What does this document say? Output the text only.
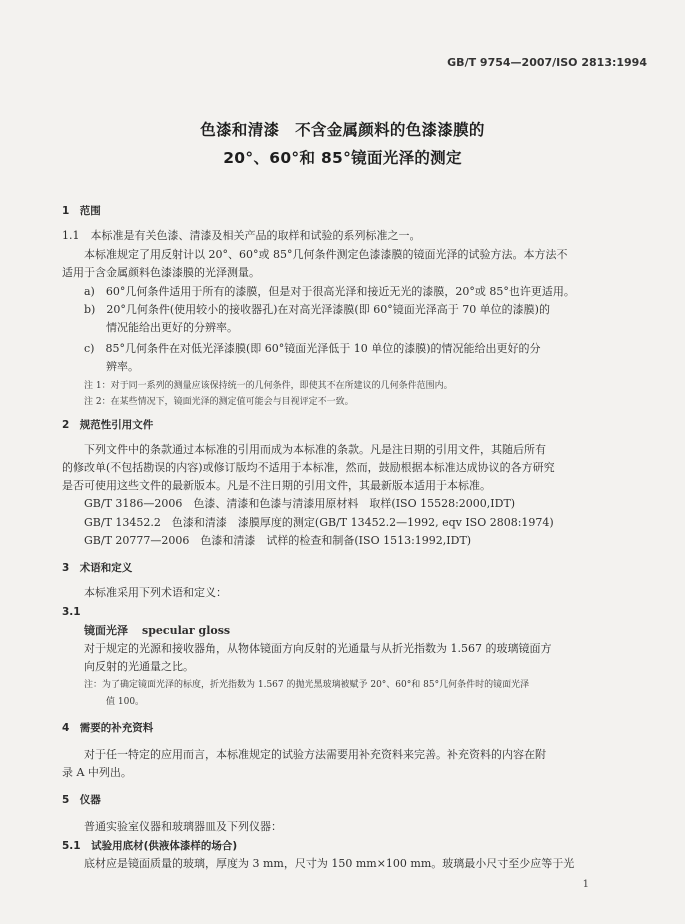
GB/T 9754—2007/ISO 2813:1994
色漆和清漆　不含金属颜料的色漆漆膜的
20°、60°和 85°镜面光泽的测定
1　范围
1.1　本标准是有关色漆、清漆及相关产品的取样和试验的系列标准之一。
本标准规定了用反射计以 20°、60°或 85°几何条件测定色漆漆膜的镜面光泽的试验方法。本方法不
适用于含金属颜料色漆漆膜的光泽测量。
a)　60°几何条件适用于所有的漆膜，但是对于很高光泽和接近无光的漆膜，20°或 85°也许更适用。
b)　20°几何条件(使用较小的接收器孔)在对高光泽漆膜(即 60°镜面光泽高于 70 单位的漆膜)的
情况能给出更好的分辨率。
c)　85°几何条件在对低光泽漆膜(即 60°镜面光泽低于 10 单位的漆膜)的情况能给出更好的分
辨率。
注 1：对于同一系列的测量应该保持统一的几何条件，即使其不在所建议的几何条件范围内。
注 2：在某些情况下，镜面光泽的测定值可能会与目视评定不一致。
2　规范性引用文件
下列文件中的条款通过本标准的引用而成为本标准的条款。凡是注日期的引用文件，其随后所有
的修改单(不包括勘误的内容)或修订版均不适用于本标准，然而，鼓励根据本标准达成协议的各方研究
是否可使用这些文件的最新版本。凡是不注日期的引用文件，其最新版本适用于本标准。
GB/T 3186—2006　色漆、清漆和色漆与清漆用原材料　取样(ISO 15528:2000,IDT)
GB/T 13452.2　色漆和清漆　漆膜厚度的测定(GB/T 13452.2—1992, eqv ISO 2808:1974)
GB/T 20777—2006　色漆和清漆　试样的检查和制备(ISO 1513:1992,IDT)
3　术语和定义
本标准采用下列术语和定义：
3.1
镜面光泽 specular gloss
对于规定的光源和接收器角，从物体镜面方向反射的光通量与从折光指数为 1.567 的玻璃镜面方
向反射的光通量之比。
注：为了确定镜面光泽的标度，折光指数为 1.567 的抛光黑玻璃被赋予 20°、60°和 85°几何条件时的镜面光泽
值 100。
4　需要的补充资料
对于任一特定的应用而言，本标准规定的试验方法需要用补充资料来完善。补充资料的内容在附
录 A 中列出。
5　仪器
普通实验室仪器和玻璃器皿及下列仪器：
5.1　试验用底材(供液体漆样的场合)
底材应是镜面质量的玻璃，厚度为 3 mm，尺寸为 150 mm×100 mm。玻璃最小尺寸至少应等于光
1
